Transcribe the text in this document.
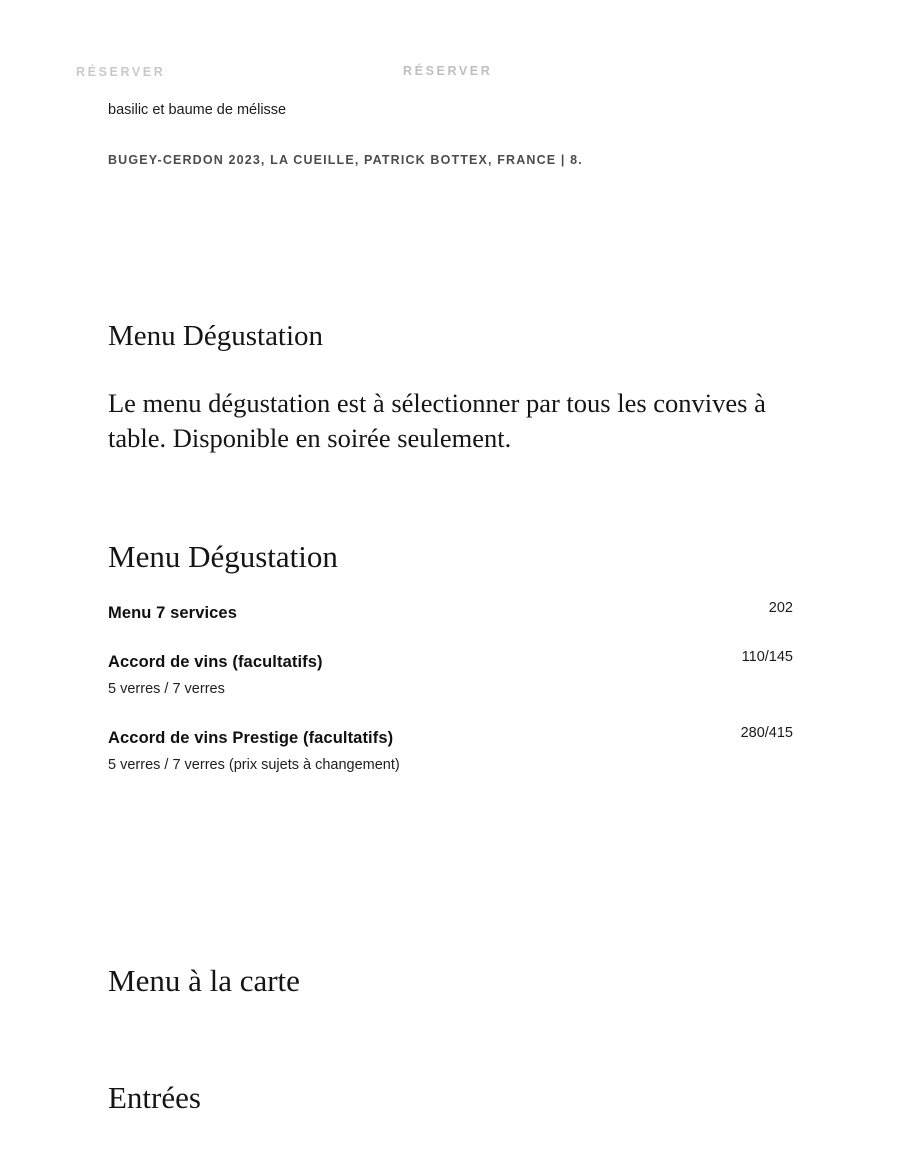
basilic et baume de mélisse
BUGEY-CERDON 2023, LA CUEILLE, PATRICK BOTTEX, FRANCE | 8.
RÉSERVER	RÉSERVER
Menu Dégustation

Le menu dégustation est à sélectionner par tous les convives à table. Disponible en soirée seulement.

Menu Dégustation
Menu 7 services	202
Accord de vins (facultatifs)	110/145
5 verres / 7 verres
Accord de vins Prestige (facultatifs)	280/415
5 verres / 7 verres (prix sujets à changement)
Menu à la carte
Entrées
